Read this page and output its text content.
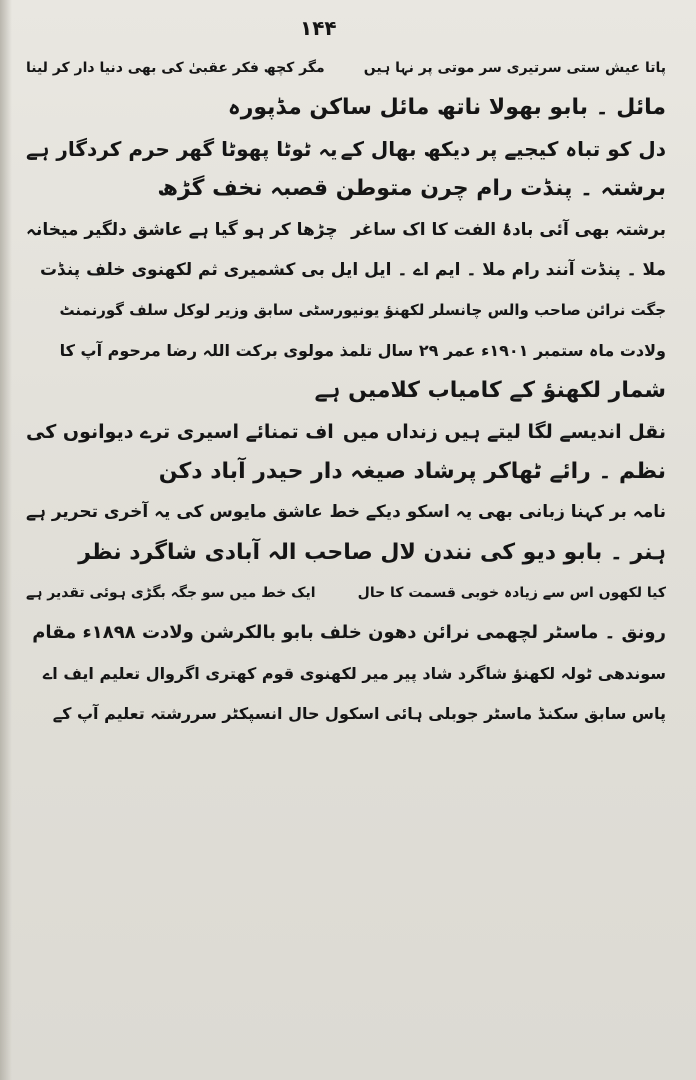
۱۴۴
پاتا عیش ستی سرتیری سر موتی پر نہا ہیں
مگر کچھ فکر عقبیٰ کی بھی دنیا دار کر لینا
مائل ۔ بابو بھولا ناتھ مائل ساکن مڈپورہ
دل کو تباہ کیجیے پر دیکھ بھال کے
یہ ٹوٹا پھوٹا گھر حرم کردگار ہے
برشتہ ۔ پنڈت رام چرن متوطن قصبہ نخف گڑھ
برشتہ بھی آئی بادۂ الفت کا اک ساغر
چڑھا کر ہو گیا ہے عاشق دلگیر میخانہ
ملا ۔ پنڈت آنند رام ملا ۔ ایم اے ۔ ایل ایل بی کشمیری ثم لکھنوی خلف پنڈت
جگت نرائن صاحب والس چانسلر لکھنؤ یونیورسٹی سابق وزیر لوکل سلف گورنمنٹ
ولادت ماہ ستمبر ۱۹۰۱ء عمر ۲۹ سال تلمذ مولوی برکت اللہ رضا مرحوم آپ کا
شمار لکھنؤ کے کامیاب کلامیں ہے
نقل اندیسے لگا لیتے ہیں زنداں میں
اف تمنائے اسیری ترے دیوانوں کی
نظم ۔ رائے ٹھاکر پرشاد صیغہ دار حیدر آباد دکن
نامہ بر کہنا زبانی بھی یہ اسکو دیکے خط
عاشق مایوس کی یہ آخری تحریر ہے
ہنر ۔ بابو دیو کی نندن لال صاحب الہ آبادی شاگرد نظر
کیا لکھوں اس سے زیادہ خوبی قسمت کا حال
ایک خط میں سو جگہ بگڑی ہوئی تقدیر ہے
رونق ۔ ماسٹر لچھمی نرائن دھون خلف بابو بالکرشن ولادت ۱۸۹۸ء مقام
سوندھی ٹولہ لکھنؤ شاگرد شاد پیر میر لکھنوی قوم کھتری اگروال تعلیم ایف اے
پاس سابق سکنڈ ماسٹر جوبلی ہائی اسکول حال انسپکٹر سررشتہ تعلیم آپ کے
